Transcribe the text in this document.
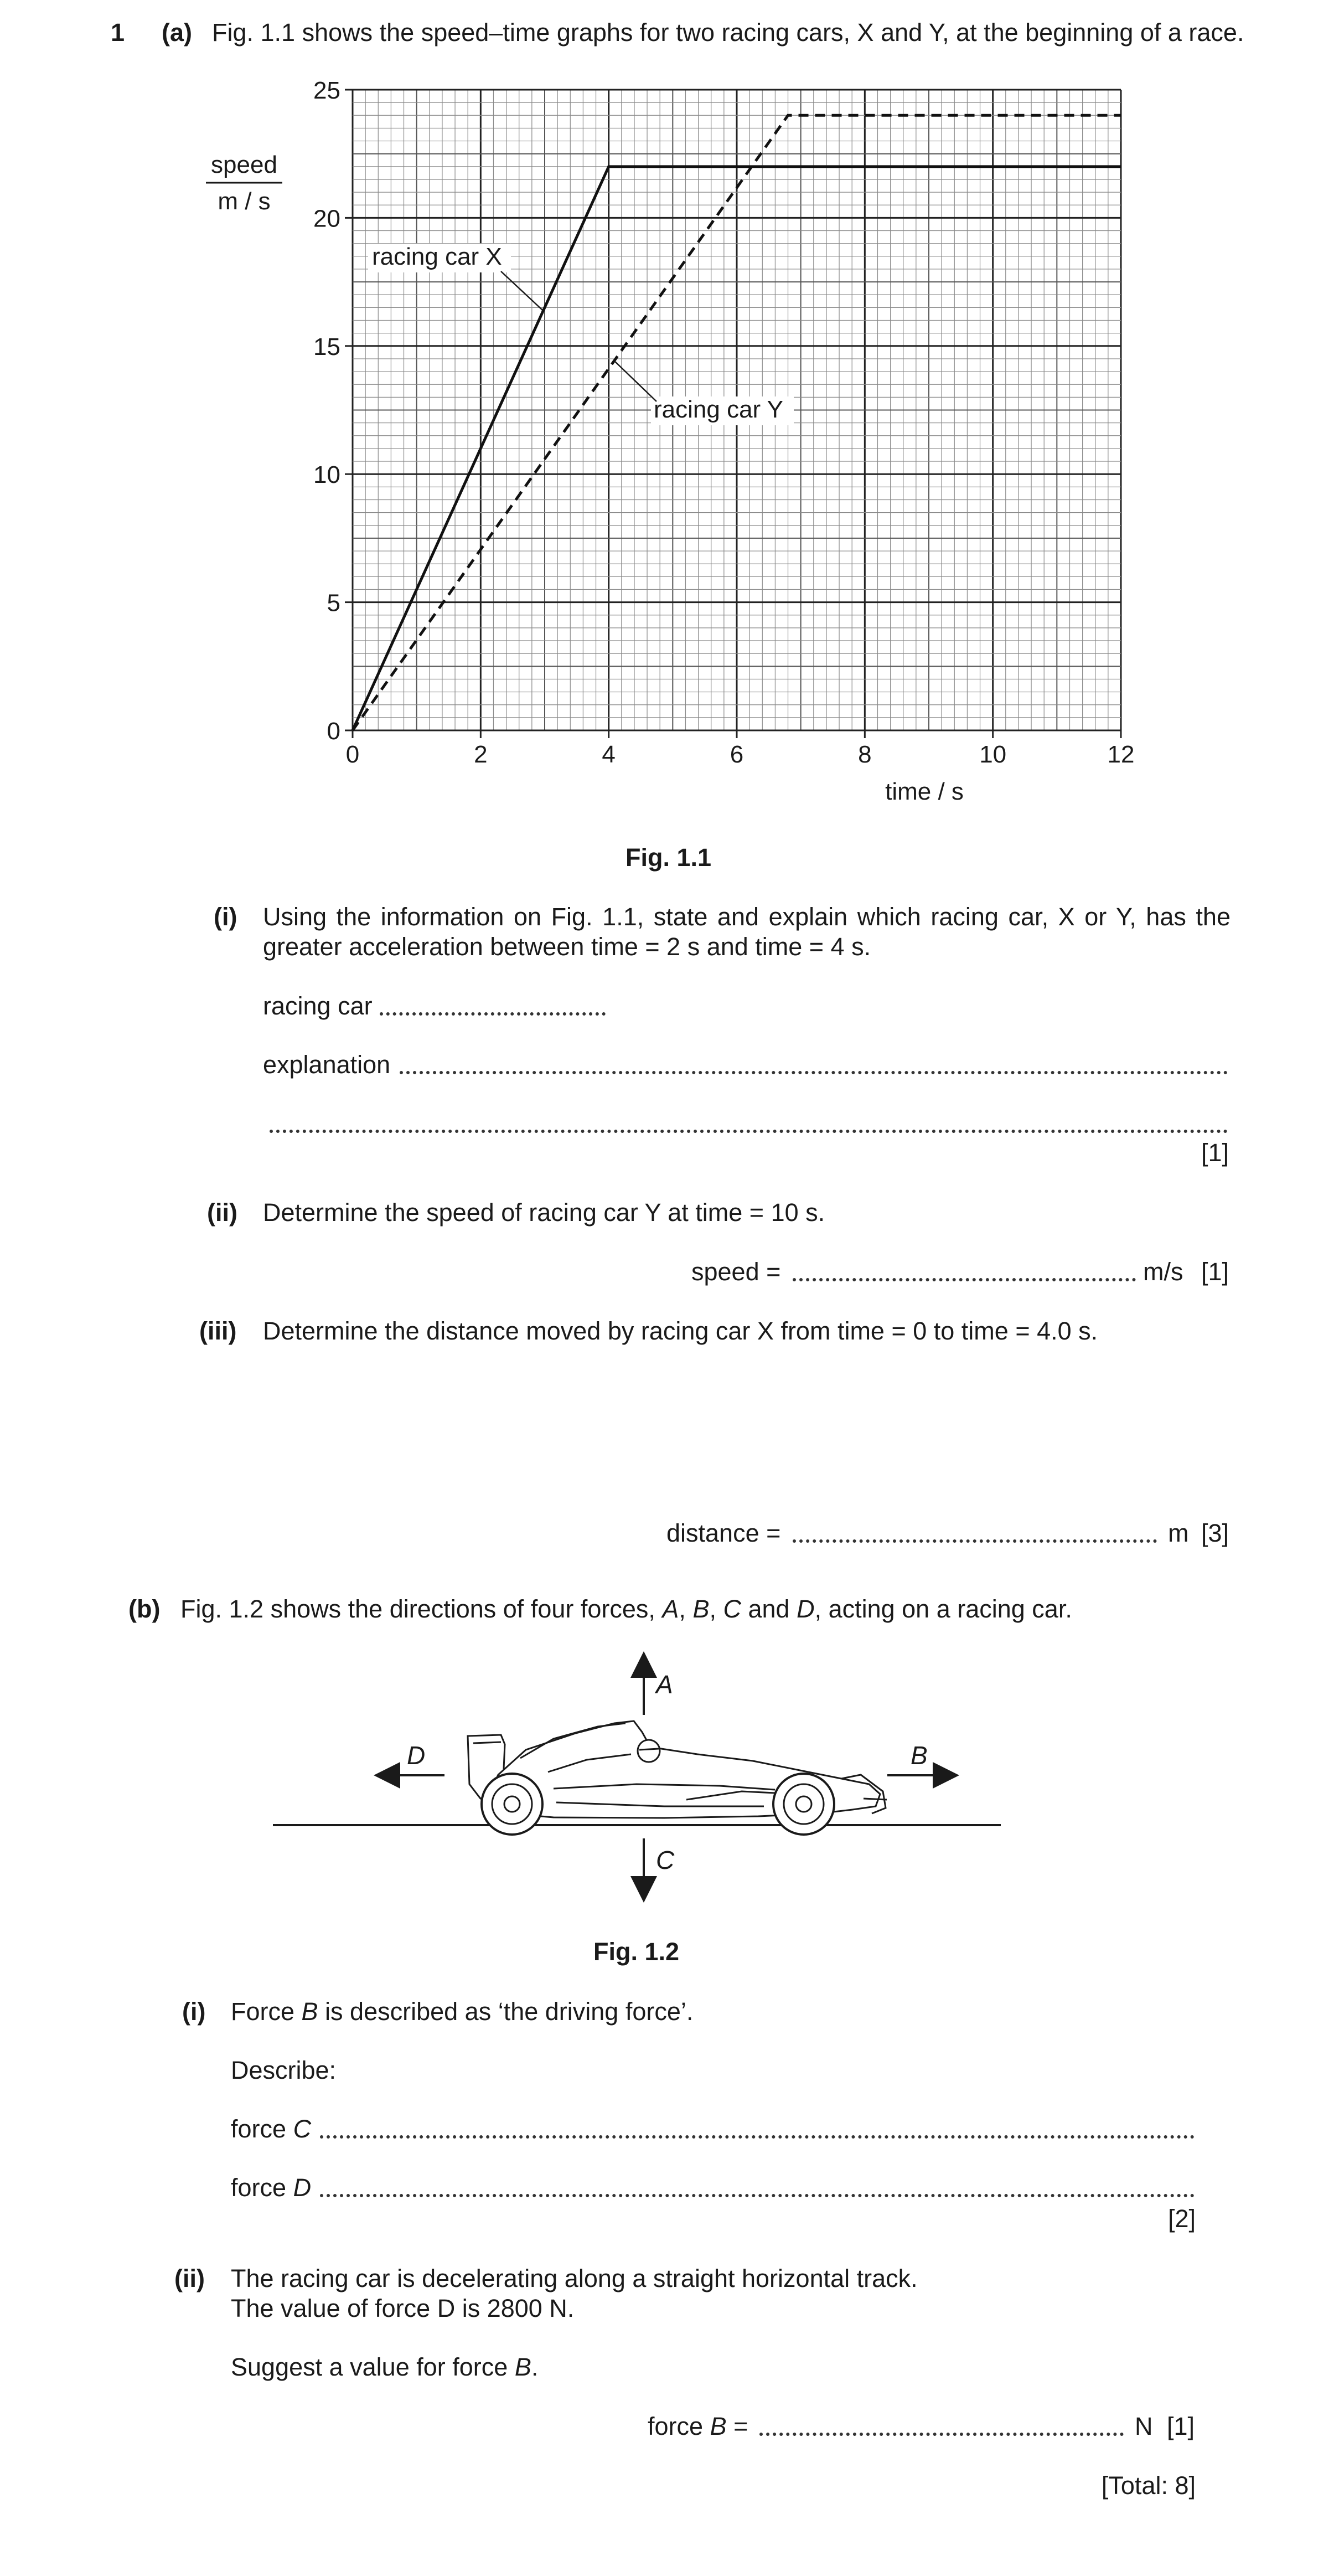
1 (a) Fig. 1.1 shows the speed–time graphs for two racing cars, X and Y, at the beginning of a race.
0	2	4	6	8	10	12
0
5
10
15
20
25
speed
m / s
time / s
racing car X
racing car Y
Fig. 1.1
(i) Using the information on Fig. 1.1, state and explain which racing car, X or Y, has the greater acceleration between time = 2 s and time = 4 s.
racing car
explanation
[1]
(ii) Determine the speed of racing car Y at time = 10 s.
speed =	m/s [1]
(iii) Determine the distance moved by racing car X from time = 0 to time = 4.0 s.
distance =	m [3]
(b) Fig. 1.2 shows the directions of four forces, A, B, C and D, acting on a racing car.
A
B
C
D
Fig. 1.2
(i) Force B is described as ‘the driving force’.
Describe:
force C
force D
[2]
(ii) The racing car is decelerating along a straight horizontal track.
The value of force D is 2800 N.
Suggest a value for force B.
force B =	N [1]
[Total: 8]
